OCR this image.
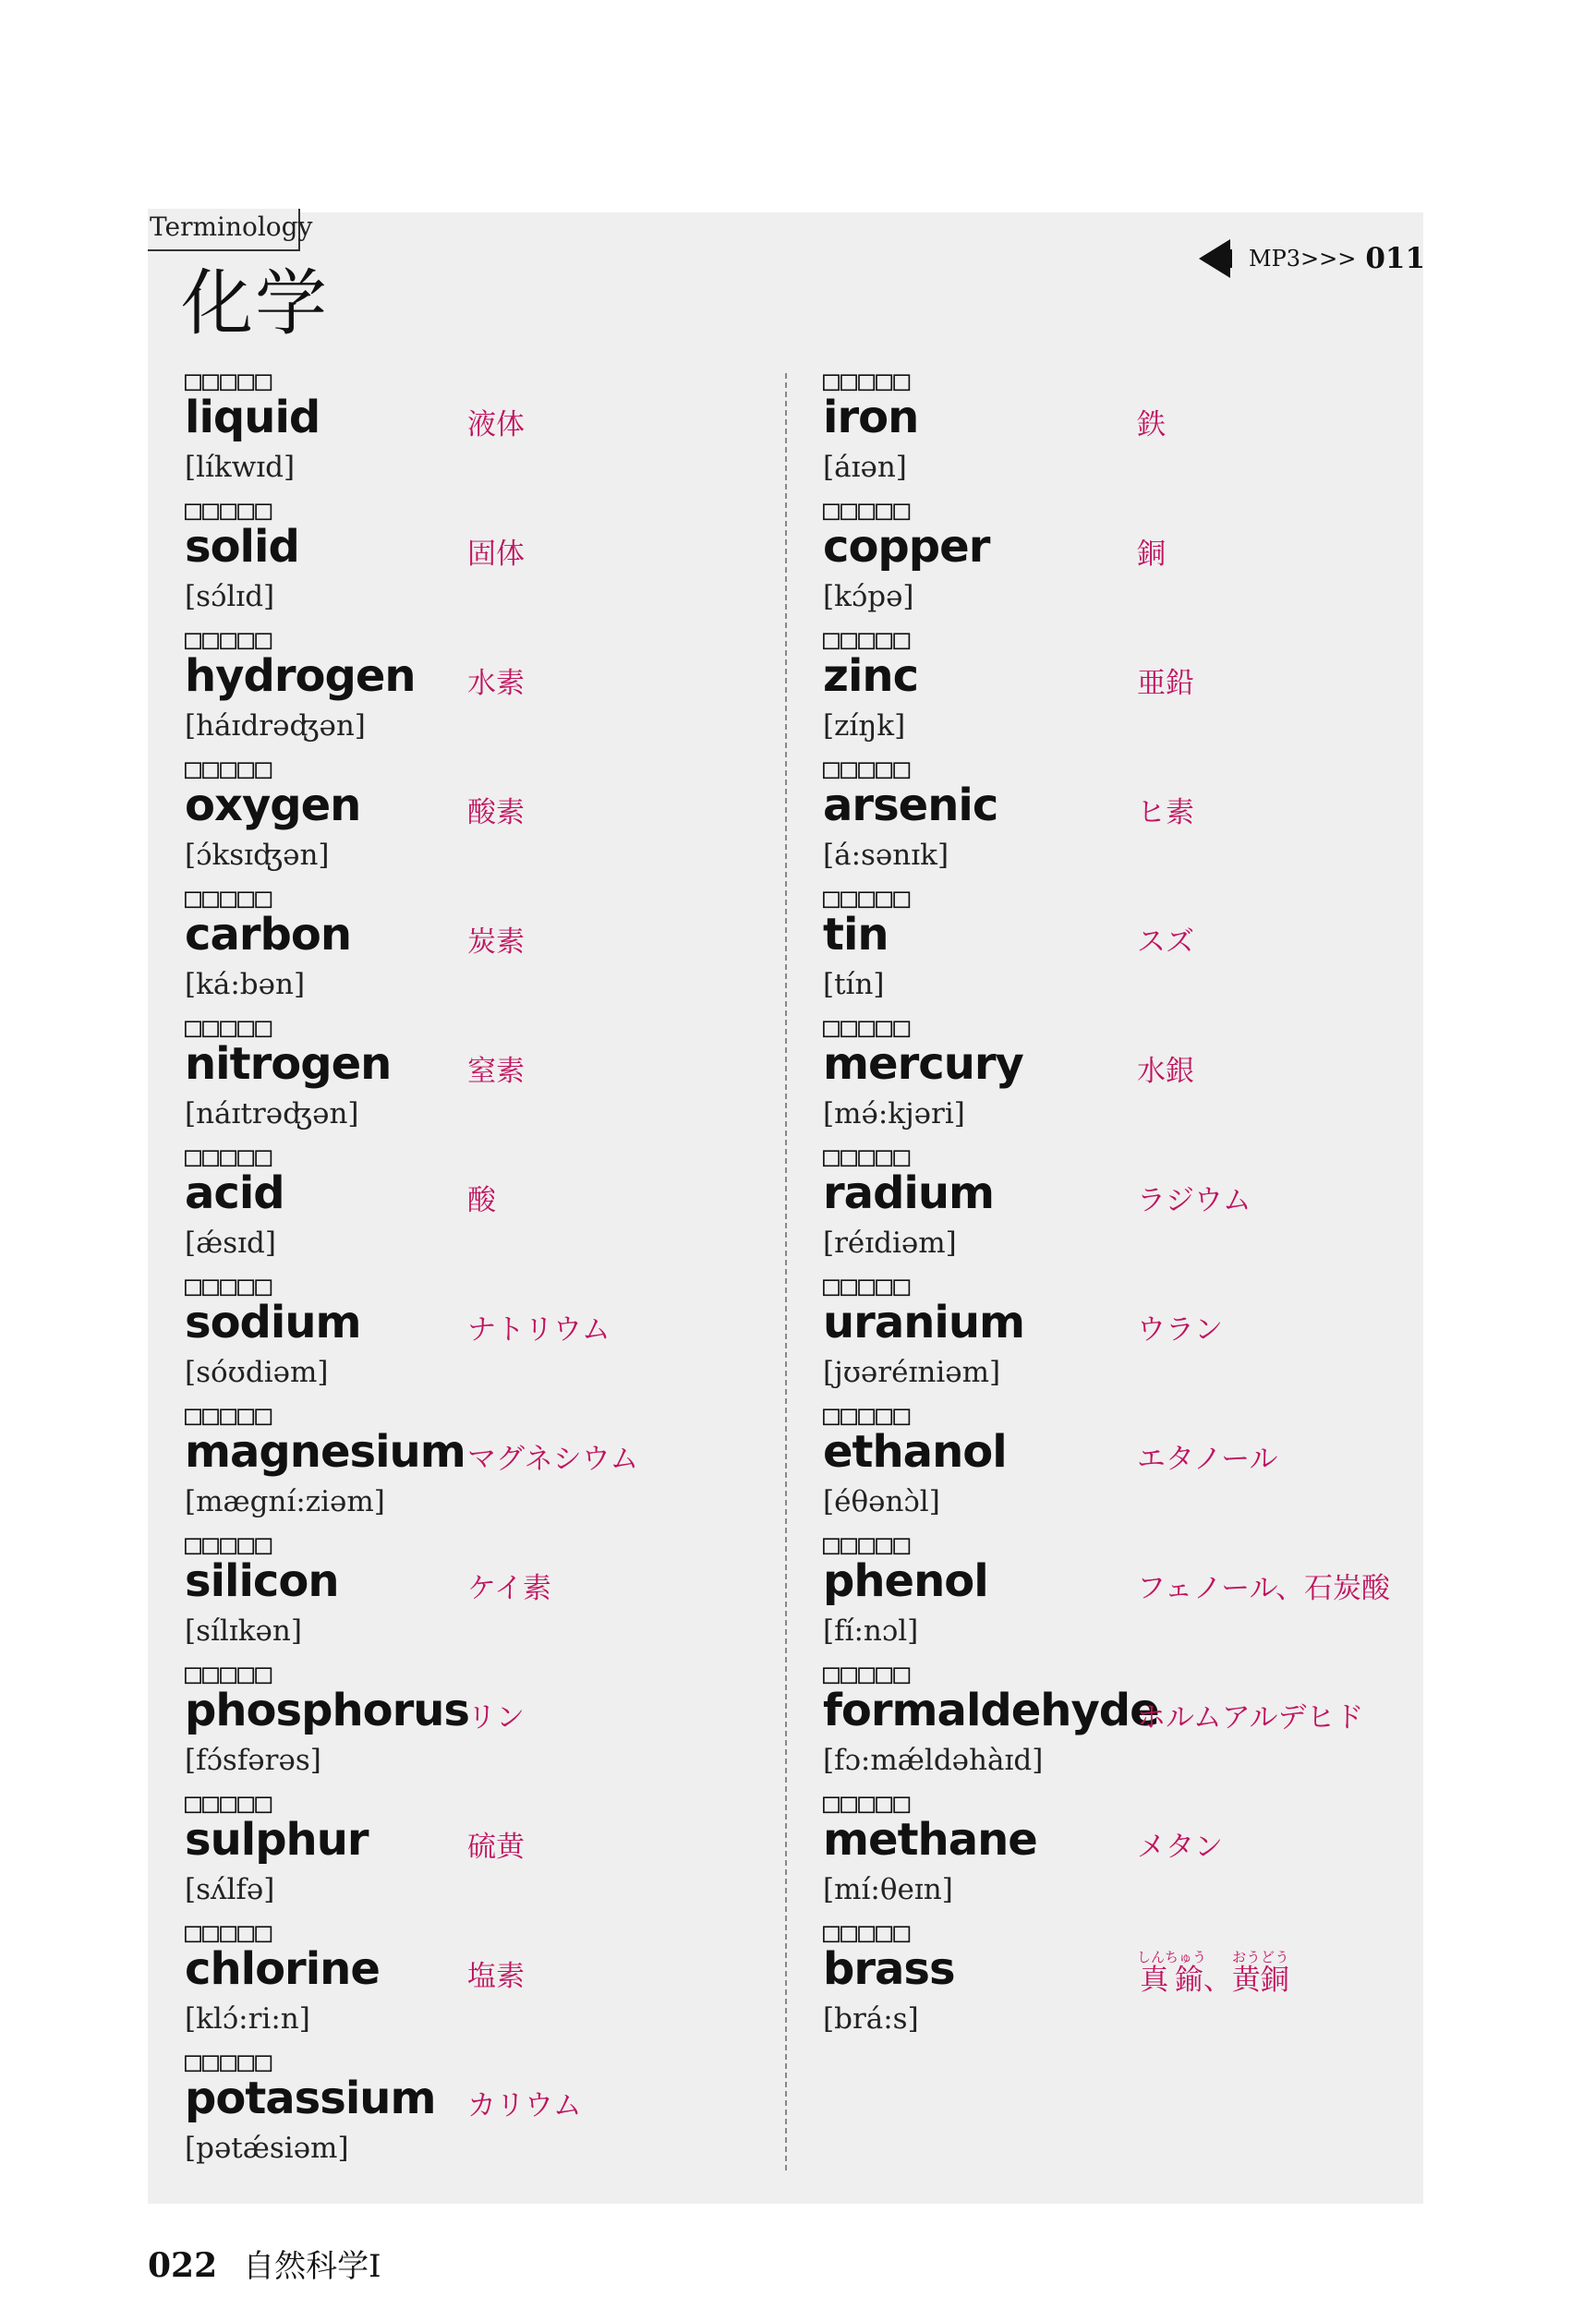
Terminology
化学
MP3>>> 011
□□□□□
liquid
[líkwɪd]
液体
□□□□□
solid
[sɔ́lɪd]
固体
□□□□□
hydrogen
[háɪdrəʤən]
水素
□□□□□
oxygen
[ɔ́ksɪʤən]
酸素
□□□□□
carbon
[ká:bən]
炭素
□□□□□
nitrogen
[náɪtrəʤən]
窒素
□□□□□
acid
[ǽsɪd]
酸
□□□□□
sodium
[sóʊdiəm]
ナトリウム
□□□□□
magnesium
[mægní:ziəm]
マグネシウム
□□□□□
silicon
[sílɪkən]
ケイ素
□□□□□
phosphorus
[fɔ́sfərəs]
リン
□□□□□
sulphur
[sʌ́lfə]
硫黄
□□□□□
chlorine
[klɔ́:ri:n]
塩素
□□□□□
potassium
[pətǽsiəm]
カリウム
□□□□□
iron
[áɪən]
鉄
□□□□□
copper
[kɔ́pə]
銅
□□□□□
zinc
[zíŋk]
亜鉛
□□□□□
arsenic
[á:sənɪk]
ヒ素
□□□□□
tin
[tín]
スズ
□□□□□
mercury
[mə́:kjəri]
水銀
□□□□□
radium
[réɪdiəm]
ラジウム
□□□□□
uranium
[jʊəréɪniəm]
ウラン
□□□□□
ethanol
[éθənɔ̀l]
エタノール
□□□□□
phenol
[fí:nɔl]
フェノール、石炭酸
□□□□□
formaldehyde
[fɔ:mǽldəhàɪd]
ホルムアルデヒド
□□□□□
methane
[mí:θeɪn]
メタン
□□□□□
brass
[brá:s]
真鍮しんちゅう、黄銅おうどう
022 自然科学Ⅰ
